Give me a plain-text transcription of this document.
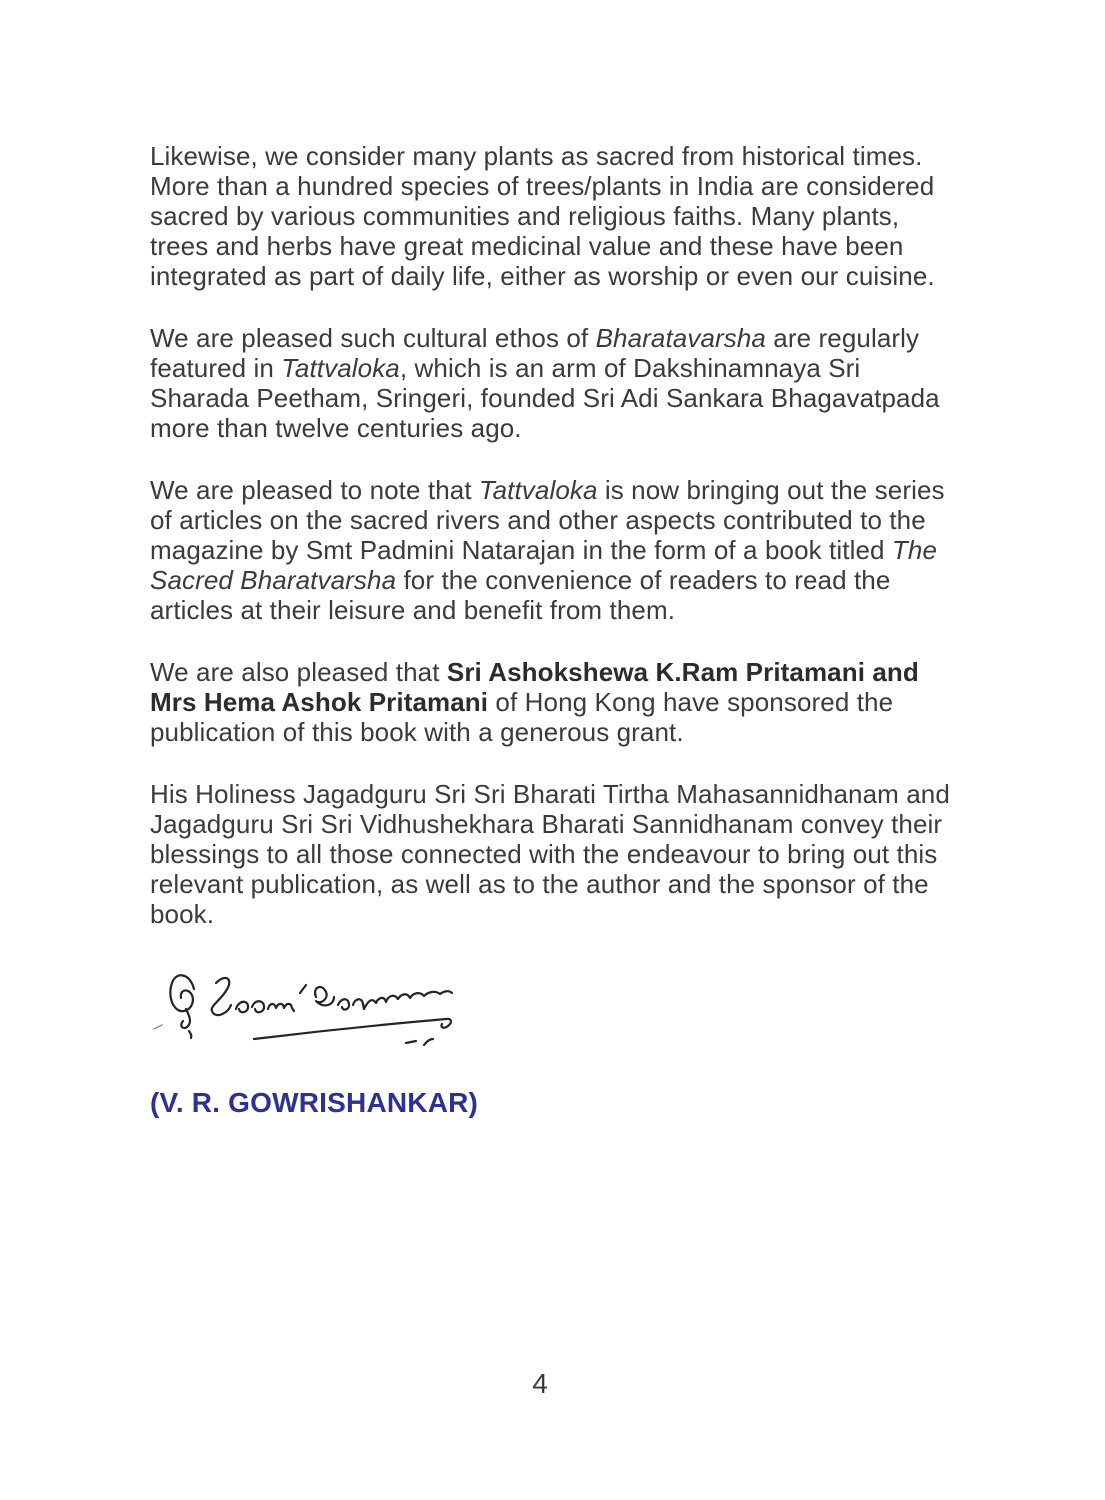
Likewise, we consider many plants as sacred from historical times. More than a hundred species of trees/plants in India are considered sacred by various communities and religious faiths. Many plants, trees and herbs have great medicinal value and these have been integrated as part of daily life, either as worship or even our cuisine.

We are pleased such cultural ethos of Bharatavarsha are regularly featured in Tattvaloka, which is an arm of Dakshinamnaya Sri Sharada Peetham, Sringeri, founded Sri Adi Sankara Bhagavatpada more than twelve centuries ago.

We are pleased to note that Tattvaloka is now bringing out the series of articles on the sacred rivers and other aspects contributed to the magazine by Smt Padmini Natarajan in the form of a book titled The Sacred Bharatvarsha for the convenience of readers to read the articles at their leisure and benefit from them.

We are also pleased that Sri Ashokshewa K.Ram Pritamani and Mrs Hema Ashok Pritamani of Hong Kong have sponsored the publication of this book with a generous grant.

His Holiness Jagadguru Sri Sri Bharati Tirtha Mahasannidhanam and Jagadguru Sri Sri Vidhushekhara Bharati Sannidhanam convey their blessings to all those connected with the endeavour to bring out this relevant publication, as well as to the author and the sponsor of the book.

(V. R. GOWRISHANKAR)
4
